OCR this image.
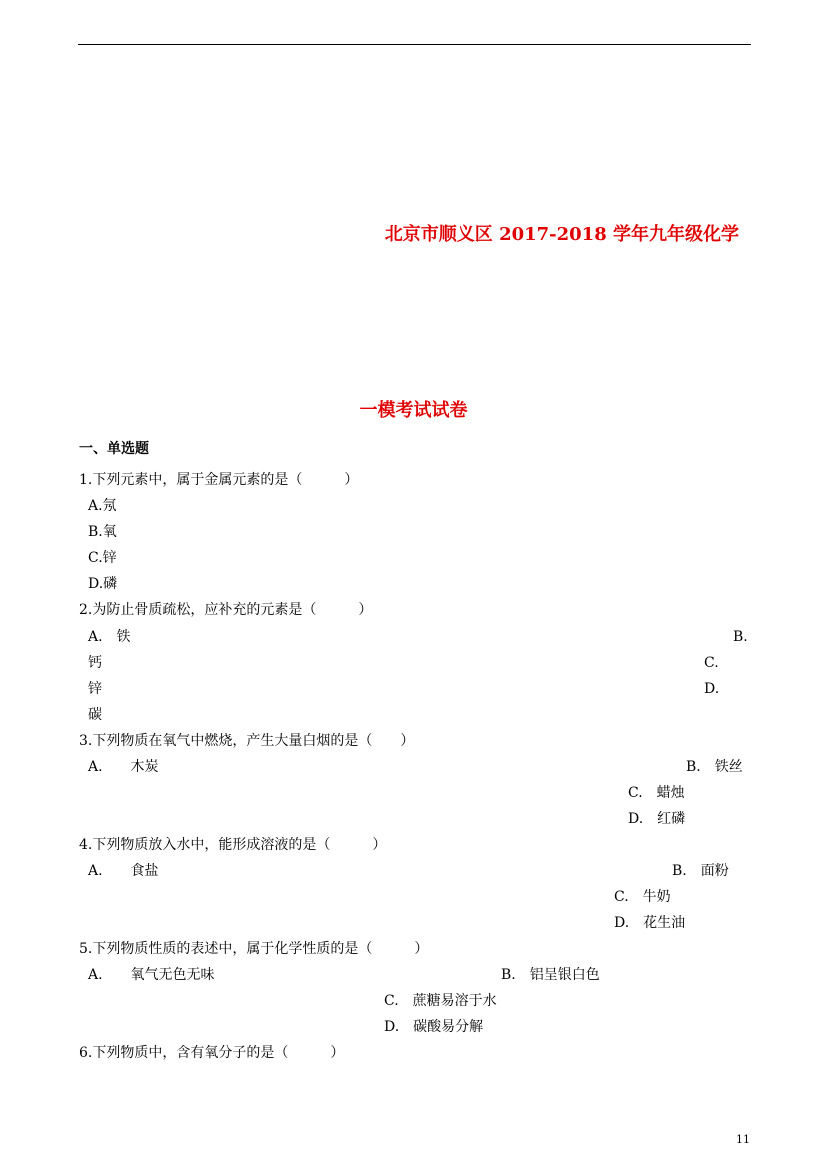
北京市顺义区 2017-2018 学年九年级化学
一模考试试卷
一、单选题
1.下列元素中，属于金属元素的是（　　　）
A.氖
B.氧
C.锌
D.磷
2.为防止骨质疏松，应补充的元素是（　　　）
A.　铁	B.
钙	C.
锌	D.
碳
3.下列物质在氧气中燃烧，产生大量白烟的是（　　）
A.　　木炭	B.　铁丝
C.　蜡烛
D.　红磷
4.下列物质放入水中，能形成溶液的是（　　　）
A.　　食盐	B.　面粉
C.　牛奶
D.　花生油
5.下列物质性质的表述中，属于化学性质的是（　　　）
A.　　氧气无色无味	B.　铝呈银白色
C.　蔗糖易溶于水
D.　碳酸易分解
6.下列物质中，含有氧分子的是（　　　）
11
